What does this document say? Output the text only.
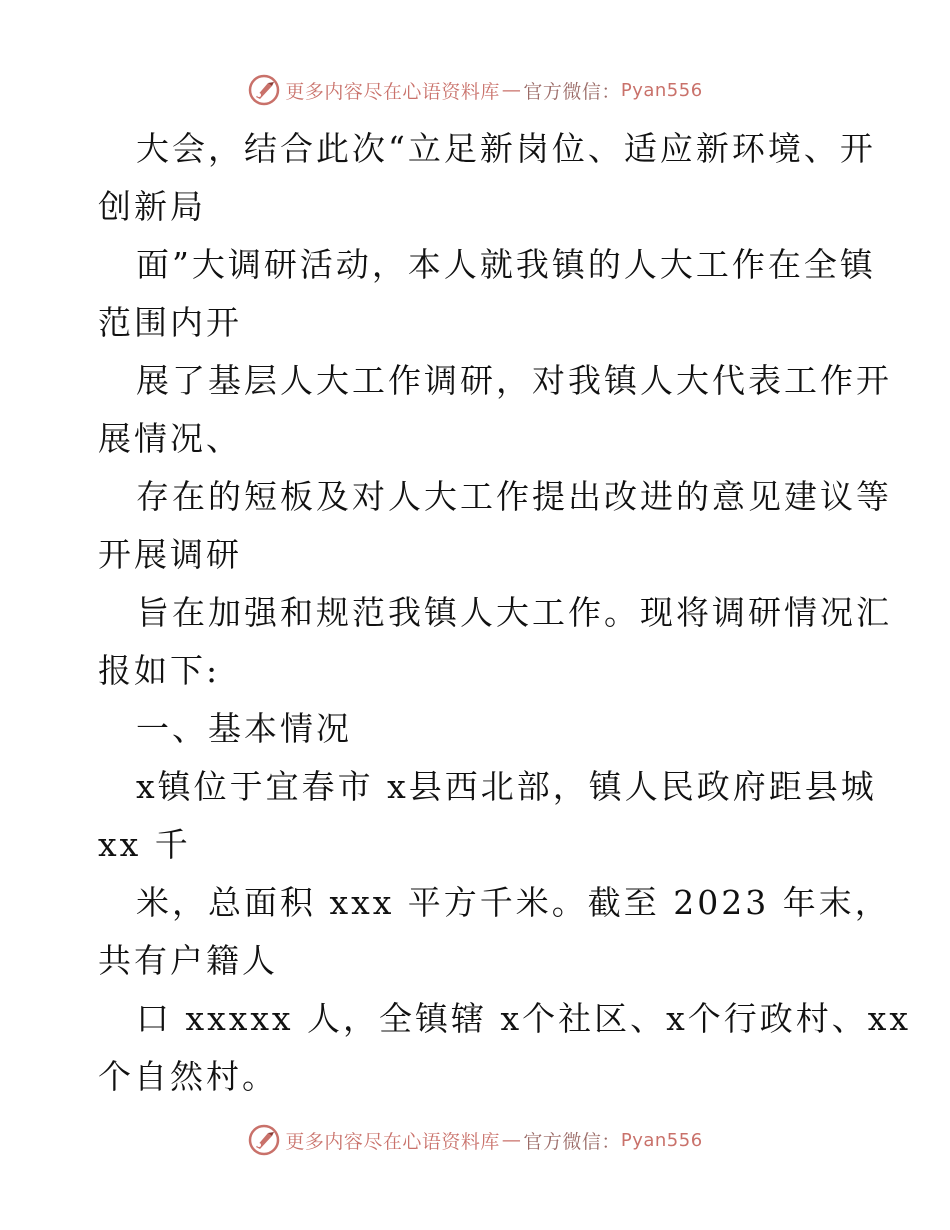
更多内容尽在心语资料库 — 官方微信： Pyan556
大会，结合此次“立足新岗位、适应新环境、开
创新局
面”大调研活动，本人就我镇的人大工作在全镇
范围内开
展了基层人大工作调研，对我镇人大代表工作开
展情况、
存在的短板及对人大工作提出改进的意见建议等
开展调研
旨在加强和规范我镇人大工作。现将调研情况汇
报如下:
一、基本情况
x镇位于宜春市 x县西北部，镇人民政府距县城
xx 千
米，总面积 xxx 平方千米。截至 2023 年末，
共有户籍人
口 xxxxx 人，全镇辖 x个社区、x个行政村、xx
个自然村。
更多内容尽在心语资料库 — 官方微信： Pyan556
